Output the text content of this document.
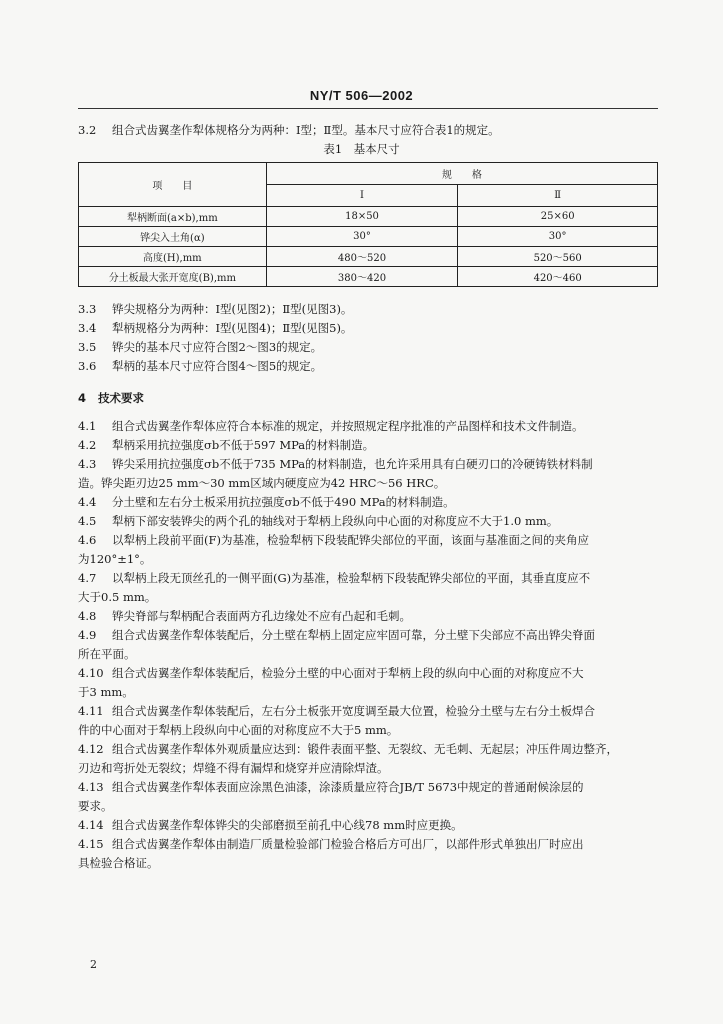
NY/T 506—2002
3.2 组合式齿翼垄作犁体规格分为两种：Ⅰ型；Ⅱ型。基本尺寸应符合表1的规定。
表1　基本尺寸
项　　目	规　　格	
	Ⅰ	Ⅱ
犁柄断面(a×b),mm	18×50	25×60
铧尖入土角(α)	30°	30°
高度(H),mm	480～520	520～560
分土板最大张开宽度(B),mm	380～420	420～460
3.3 铧尖规格分为两种：Ⅰ型(见图2)；Ⅱ型(见图3)。
3.4 犁柄规格分为两种：Ⅰ型(见图4)；Ⅱ型(见图5)。
3.5 铧尖的基本尺寸应符合图2～图3的规定。
3.6 犁柄的基本尺寸应符合图4～图5的规定。
4 技术要求
4.1 组合式齿翼垄作犁体应符合本标准的规定，并按照规定程序批准的产品图样和技术文件制造。
4.2 犁柄采用抗拉强度σb不低于597 MPa的材料制造。
4.3 铧尖采用抗拉强度σb不低于735 MPa的材料制造，也允许采用具有白硬刃口的冷硬铸铁材料制
造。铧尖距刃边25 mm～30 mm区域内硬度应为42 HRC～56 HRC。
4.4 分土壁和左右分土板采用抗拉强度σb不低于490 MPa的材料制造。
4.5 犁柄下部安装铧尖的两个孔的轴线对于犁柄上段纵向中心面的对称度应不大于1.0 mm。
4.6 以犁柄上段前平面(F)为基准，检验犁柄下段装配铧尖部位的平面，该面与基准面之间的夹角应
为120°±1°。
4.7 以犁柄上段无顶丝孔的一侧平面(G)为基准，检验犁柄下段装配铧尖部位的平面，其垂直度应不
大于0.5 mm。
4.8 铧尖脊部与犁柄配合表面两方孔边缘处不应有凸起和毛刺。
4.9 组合式齿翼垄作犁体装配后，分土壁在犁柄上固定应牢固可靠，分土壁下尖部应不高出铧尖脊面
所在平面。
4.10 组合式齿翼垄作犁体装配后，检验分土壁的中心面对于犁柄上段的纵向中心面的对称度应不大
于3 mm。
4.11 组合式齿翼垄作犁体装配后，左右分土板张开宽度调至最大位置，检验分土壁与左右分土板焊合
件的中心面对于犁柄上段纵向中心面的对称度应不大于5 mm。
4.12 组合式齿翼垄作犁体外观质量应达到：锻件表面平整、无裂纹、无毛刺、无起层；冲压件周边整齐，
刃边和弯折处无裂纹；焊缝不得有漏焊和烧穿并应清除焊渣。
4.13 组合式齿翼垄作犁体表面应涂黑色油漆，涂漆质量应符合JB/T 5673中规定的普通耐候涂层的
要求。
4.14 组合式齿翼垄作犁体铧尖的尖部磨损至前孔中心线78 mm时应更换。
4.15 组合式齿翼垄作犁体由制造厂质量检验部门检验合格后方可出厂，以部件形式单独出厂时应出
具检验合格证。
2
